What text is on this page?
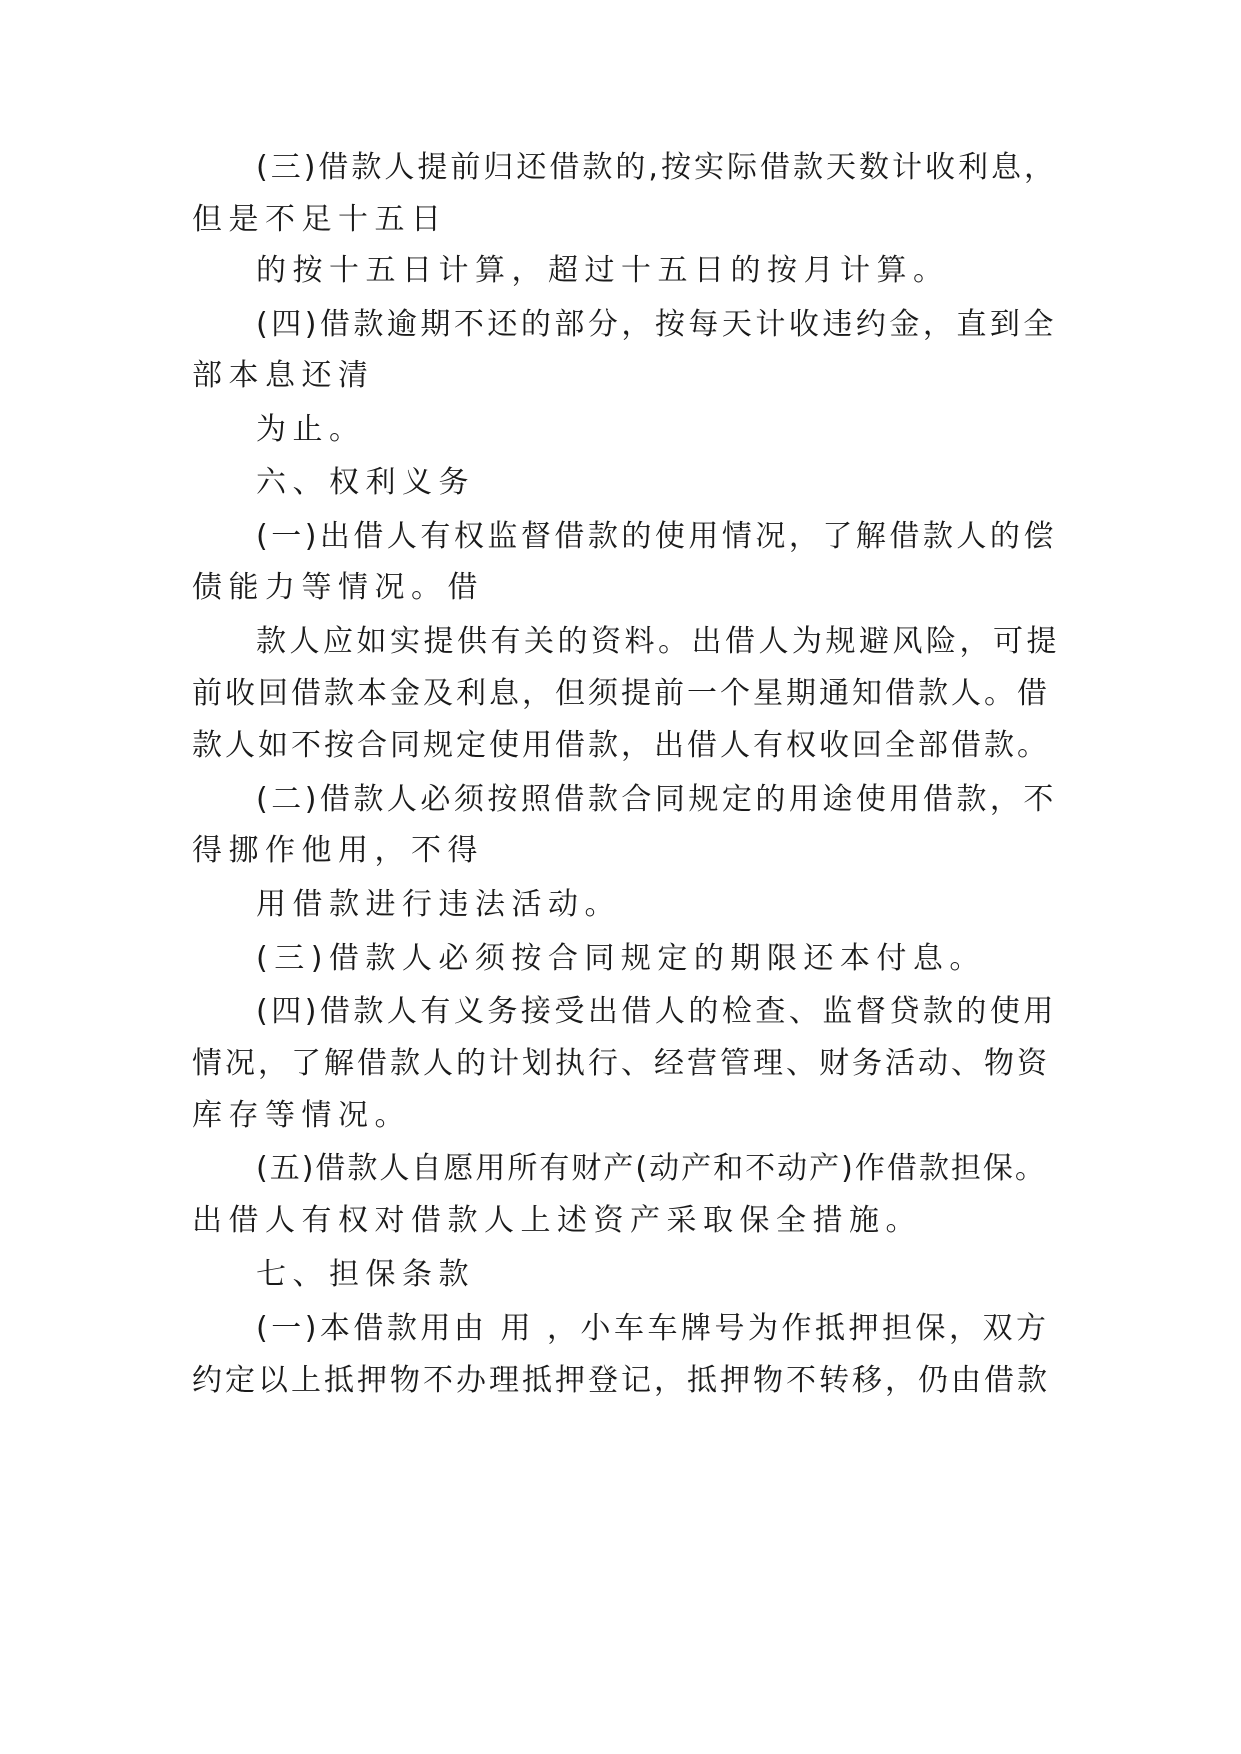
(三)借款人提前归还借款的,按实际借款天数计收利息，

但是不足十五日

的按十五日计算，超过十五日的按月计算。

(四)借款逾期不还的部分，按每天计收违约金，直到全

部本息还清

为止。

六、权利义务

(一)出借人有权监督借款的使用情况，了解借款人的偿

债能力等情况。借

款人应如实提供有关的资料。出借人为规避风险，可提

前收回借款本金及利息，但须提前一个星期通知借款人。借

款人如不按合同规定使用借款，出借人有权收回全部借款。

(二)借款人必须按照借款合同规定的用途使用借款，不

得挪作他用，不得

用借款进行违法活动。

(三)借款人必须按合同规定的期限还本付息。

(四)借款人有义务接受出借人的检查、监督贷款的使用

情况，了解借款人的计划执行、经营管理、财务活动、物资

库存等情况。

(五)借款人自愿用所有财产(动产和不动产)作借款担保。

出借人有权对借款人上述资产采取保全措施。

七、担保条款

(一)本借款用由 用 ，小车车牌号为作抵押担保，双方

约定以上抵押物不办理抵押登记，抵押物不转移，仍由借款
